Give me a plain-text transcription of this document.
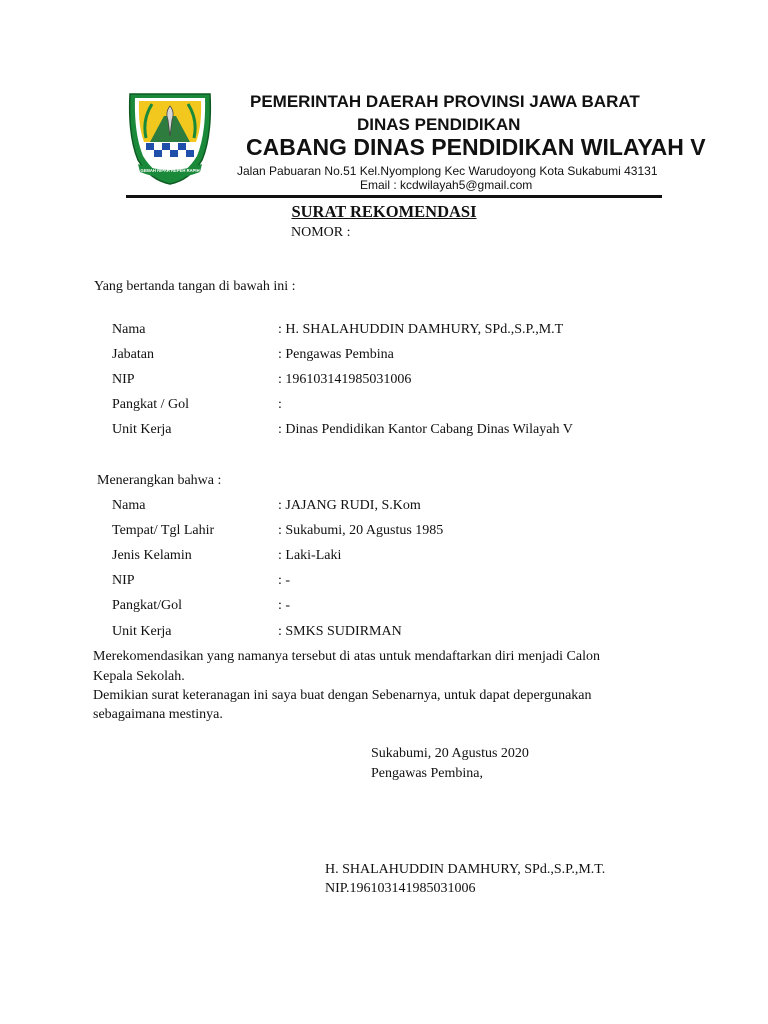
GEMAH RIPAH REPEH RAPIH
PEMERINTAH DAERAH PROVINSI JAWA BARAT
DINAS PENDIDIKAN
CABANG DINAS PENDIDIKAN WILAYAH V
Jalan Pabuaran No.51 Kel.Nyomplong Kec Warudoyong Kota Sukabumi 43131
Email : kcdwilayah5@gmail.com
SURAT REKOMENDASI
NOMOR :
Yang bertanda tangan di bawah ini :
Nama	: H. SHALAHUDDIN DAMHURY, SPd.,S.P.,M.T
Jabatan	: Pengawas Pembina
NIP	: 196103141985031006
Pangkat / Gol	:
Unit Kerja	: Dinas Pendidikan Kantor Cabang Dinas Wilayah V
Menerangkan bahwa :
Nama	: JAJANG RUDI, S.Kom
Tempat/ Tgl Lahir	: Sukabumi, 20 Agustus 1985
Jenis Kelamin	: Laki-Laki
NIP	: -
Pangkat/Gol	: -
Unit Kerja	: SMKS SUDIRMAN
Merekomendasikan yang namanya tersebut di atas untuk mendaftarkan diri menjadi Calon
Kepala Sekolah.
Demikian surat keteranagan ini saya buat dengan Sebenarnya, untuk dapat depergunakan
sebagaimana mestinya.
Sukabumi, 20 Agustus 2020
Pengawas Pembina,
H. SHALAHUDDIN DAMHURY, SPd.,S.P.,M.T.
NIP.196103141985031006
